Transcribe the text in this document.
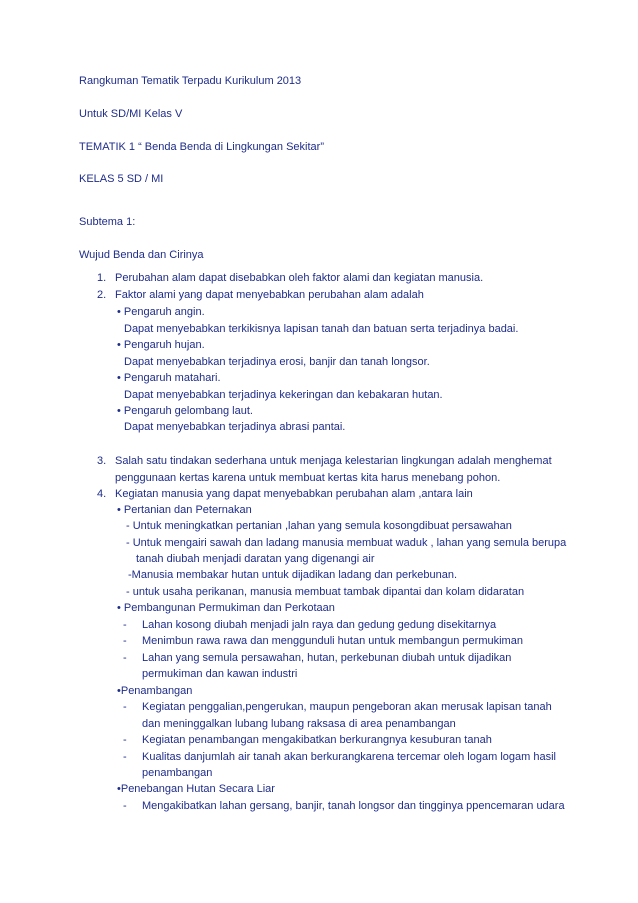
Rangkuman Tematik Terpadu Kurikulum 2013
Untuk SD/MI Kelas V
TEMATIK 1 “ Benda Benda di Lingkungan Sekitar”
KELAS 5 SD / MI
Subtema 1:
Wujud Benda dan Cirinya
1. Perubahan alam dapat disebabkan oleh faktor alami dan kegiatan manusia.
2. Faktor alami yang dapat menyebabkan perubahan alam adalah
• Pengaruh angin.
Dapat menyebabkan terkikisnya lapisan tanah dan batuan serta terjadinya badai.
• Pengaruh hujan.
Dapat menyebabkan terjadinya erosi, banjir dan tanah longsor.
• Pengaruh matahari.
Dapat menyebabkan terjadinya kekeringan dan kebakaran hutan.
• Pengaruh gelombang laut.
Dapat menyebabkan terjadinya abrasi pantai.
3. Salah satu tindakan sederhana untuk menjaga kelestarian lingkungan adalah menghemat
penggunaan kertas karena untuk membuat kertas kita harus menebang pohon.
4. Kegiatan manusia yang dapat menyebabkan perubahan alam ,antara lain
• Pertanian dan Peternakan
- Untuk meningkatkan pertanian ,lahan yang semula kosongdibuat persawahan
- Untuk mengairi sawah dan ladang manusia membuat waduk , lahan yang semula berupa
tanah diubah menjadi daratan yang digenangi air
-Manusia membakar hutan untuk dijadikan ladang dan perkebunan.
- untuk usaha perikanan, manusia membuat tambak dipantai dan kolam didaratan
• Pembangunan Permukiman dan Perkotaan
- Lahan kosong diubah menjadi jaln raya dan gedung gedung disekitarnya
- Menimbun rawa rawa dan menggunduli hutan untuk membangun permukiman
- Lahan yang semula persawahan, hutan, perkebunan diubah untuk dijadikan
permukiman dan kawan industri
•Penambangan
- Kegiatan penggalian,pengerukan, maupun pengeboran akan merusak lapisan tanah
dan meninggalkan lubang lubang raksasa di area penambangan
- Kegiatan penambangan mengakibatkan berkurangnya kesuburan tanah
- Kualitas danjumlah air tanah akan berkurangkarena tercemar oleh logam logam hasil
penambangan
•Penebangan Hutan Secara Liar
- Mengakibatkan lahan gersang, banjir, tanah longsor dan tingginya ppencemaran udara
